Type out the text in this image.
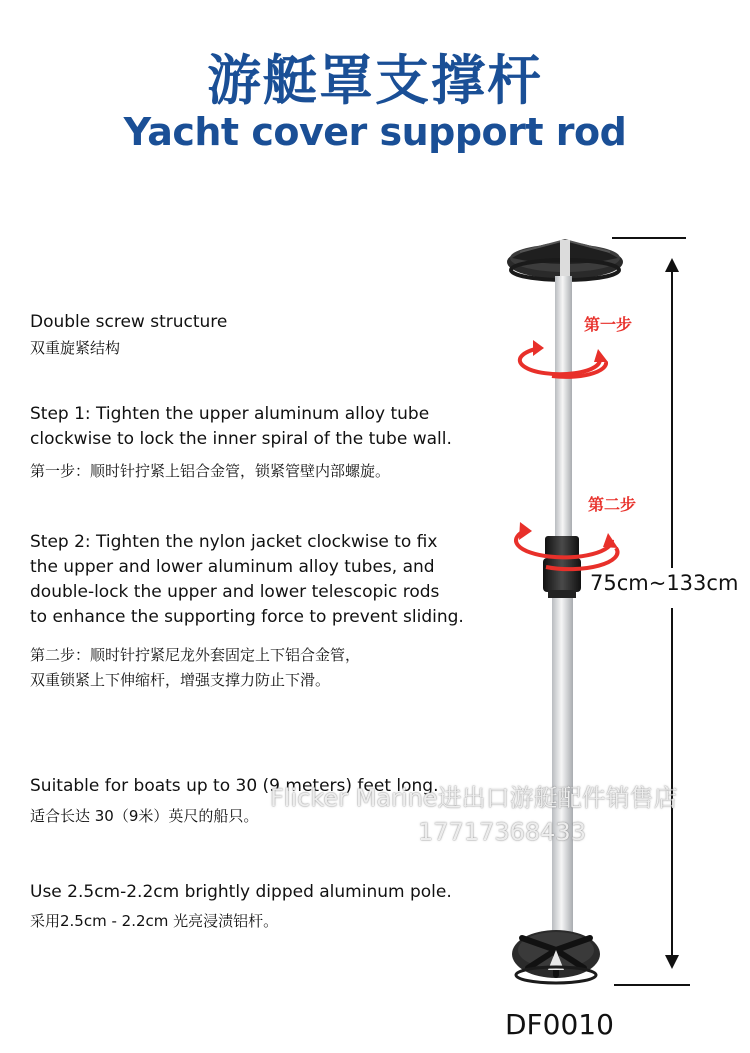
游艇罩支撑杆
Yacht cover support rod
Double screw structure
双重旋紧结构
Step 1: Tighten the upper aluminum alloy tube
clockwise to lock the inner spiral of the tube wall.
第一步：顺时针拧紧上铝合金管，锁紧管壁内部螺旋。
Step 2: Tighten the nylon jacket clockwise to fix
the upper and lower aluminum alloy tubes, and
double-lock the upper and lower telescopic rods
to enhance the supporting force to prevent sliding.
第二步：顺时针拧紧尼龙外套固定上下铝合金管，
双重锁紧上下伸缩杆，增强支撑力防止下滑。
Suitable for boats up to 30 (9 meters) feet long.
适合长达 30（9米）英尺的船只。
Use 2.5cm-2.2cm brightly dipped aluminum pole.
采用2.5cm - 2.2cm 光亮浸渍铝杆。
第一步
第二步
75cm~133cm
DF0010
Flicker Marine进出口游艇配件销售店
17717368433
